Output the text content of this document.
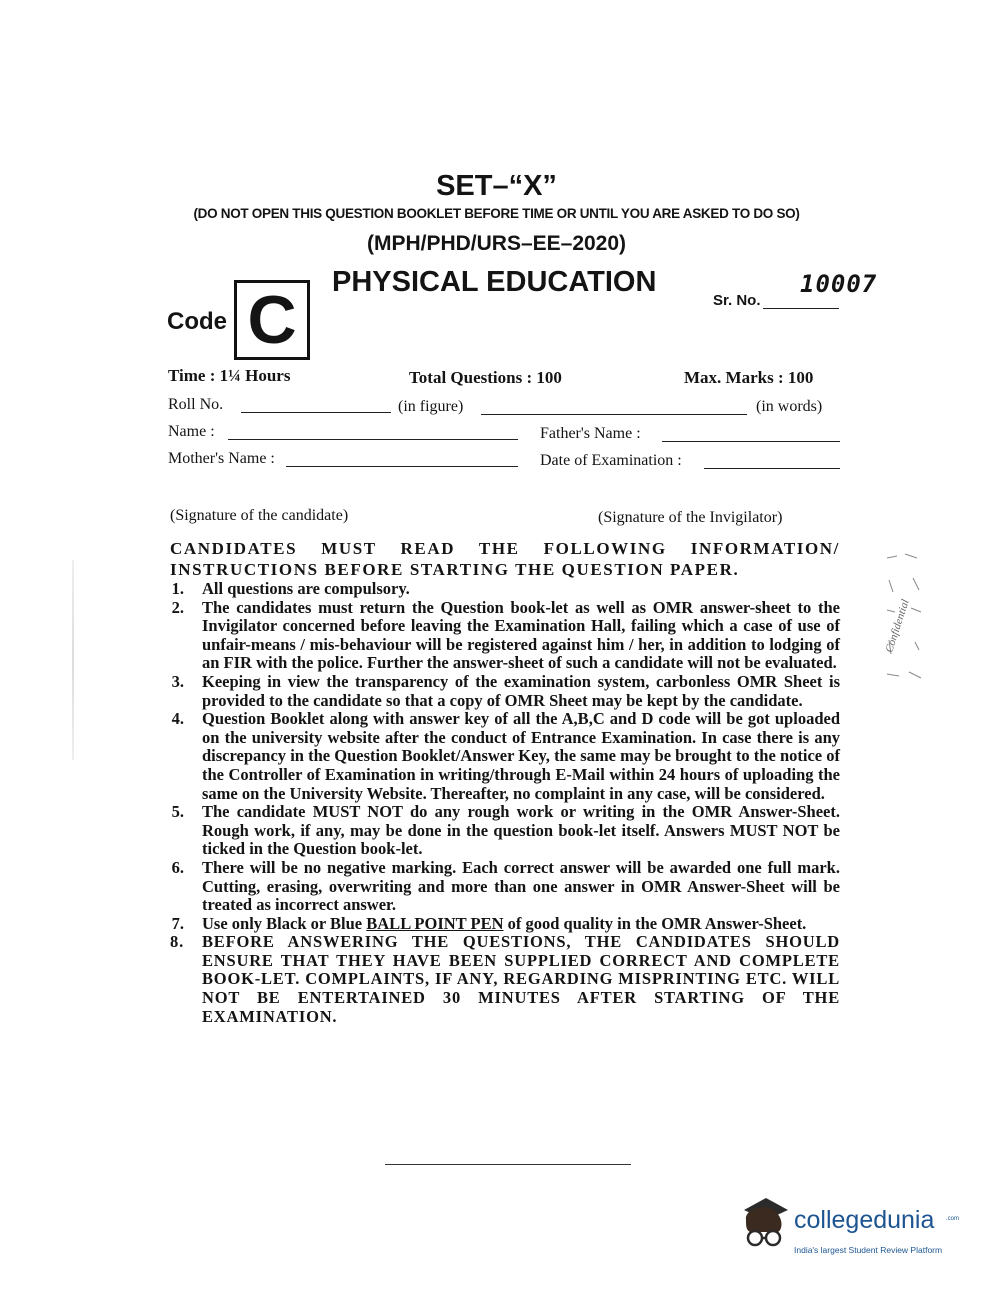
SET–“X”
(DO NOT OPEN THIS QUESTION BOOKLET BEFORE TIME OR UNTIL YOU ARE ASKED TO DO SO)
(MPH/PHD/URS–EE–2020)
PHYSICAL EDUCATION
Code C	Sr. No.
10007
Time : 1¼ Hours	Total Questions : 100	Max. Marks : 100
Roll No.	(in figure)	(in words)
Name :	Father's Name :
Mother's Name :	Date of Examination :
(Signature of the candidate)	(Signature of the Invigilator)
CANDIDATES MUST READ THE FOLLOWING INFORMATION/ INSTRUCTIONS BEFORE STARTING THE QUESTION PAPER.
1. All questions are compulsory.
2. The candidates must return the Question book-let as well as OMR answer-sheet to the Invigilator concerned before leaving the Examination Hall, failing which a case of use of unfair-means / mis-behaviour will be registered against him / her, in addition to lodging of an FIR with the police. Further the answer-sheet of such a candidate will not be evaluated.
3. Keeping in view the transparency of the examination system, carbonless OMR Sheet is provided to the candidate so that a copy of OMR Sheet may be kept by the candidate.
4. Question Booklet along with answer key of all the A,B,C and D code will be got uploaded on the university website after the conduct of Entrance Examination. In case there is any discrepancy in the Question Booklet/Answer Key, the same may be brought to the notice of the Controller of Examination in writing/through E-Mail within 24 hours of uploading the same on the University Website. Thereafter, no complaint in any case, will be considered.
5. The candidate MUST NOT do any rough work or writing in the OMR Answer-Sheet. Rough work, if any, may be done in the question book-let itself. Answers MUST NOT be ticked in the Question book-let.
6. There will be no negative marking. Each correct answer will be awarded one full mark. Cutting, erasing, overwriting and more than one answer in OMR Answer-Sheet will be treated as incorrect answer.
7. Use only Black or Blue BALL POINT PEN of good quality in the OMR Answer-Sheet.
8. BEFORE ANSWERING THE QUESTIONS, THE CANDIDATES SHOULD ENSURE THAT THEY HAVE BEEN SUPPLIED CORRECT AND COMPLETE BOOK-LET. COMPLAINTS, IF ANY, REGARDING MISPRINTING ETC. WILL NOT BE ENTERTAINED 30 MINUTES AFTER STARTING OF THE EXAMINATION.
Confidential
collegedunia .com
India's largest Student Review Platform
